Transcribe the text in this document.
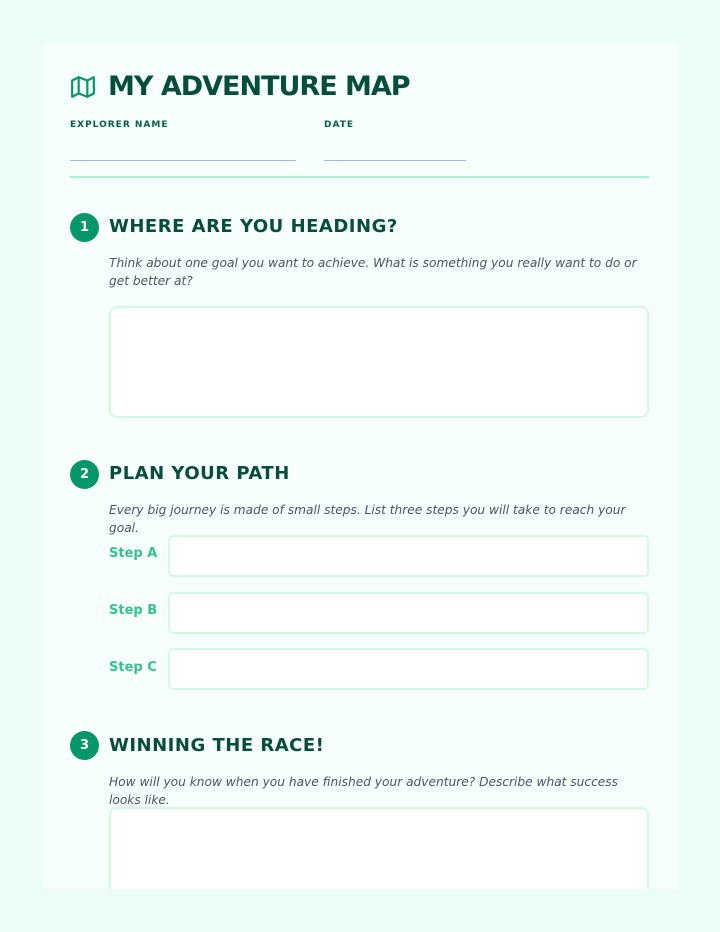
MY ADVENTURE MAP
EXPLORER NAME	DATE
1	WHERE ARE YOU HEADING?
Think about one goal you want to achieve. What is something you really want to do or get better at?
2	PLAN YOUR PATH
Every big journey is made of small steps. List three steps you will take to reach your goal.
Step A
Step B
Step C
3	WINNING THE RACE!
How will you know when you have finished your adventure? Describe what success looks like.
